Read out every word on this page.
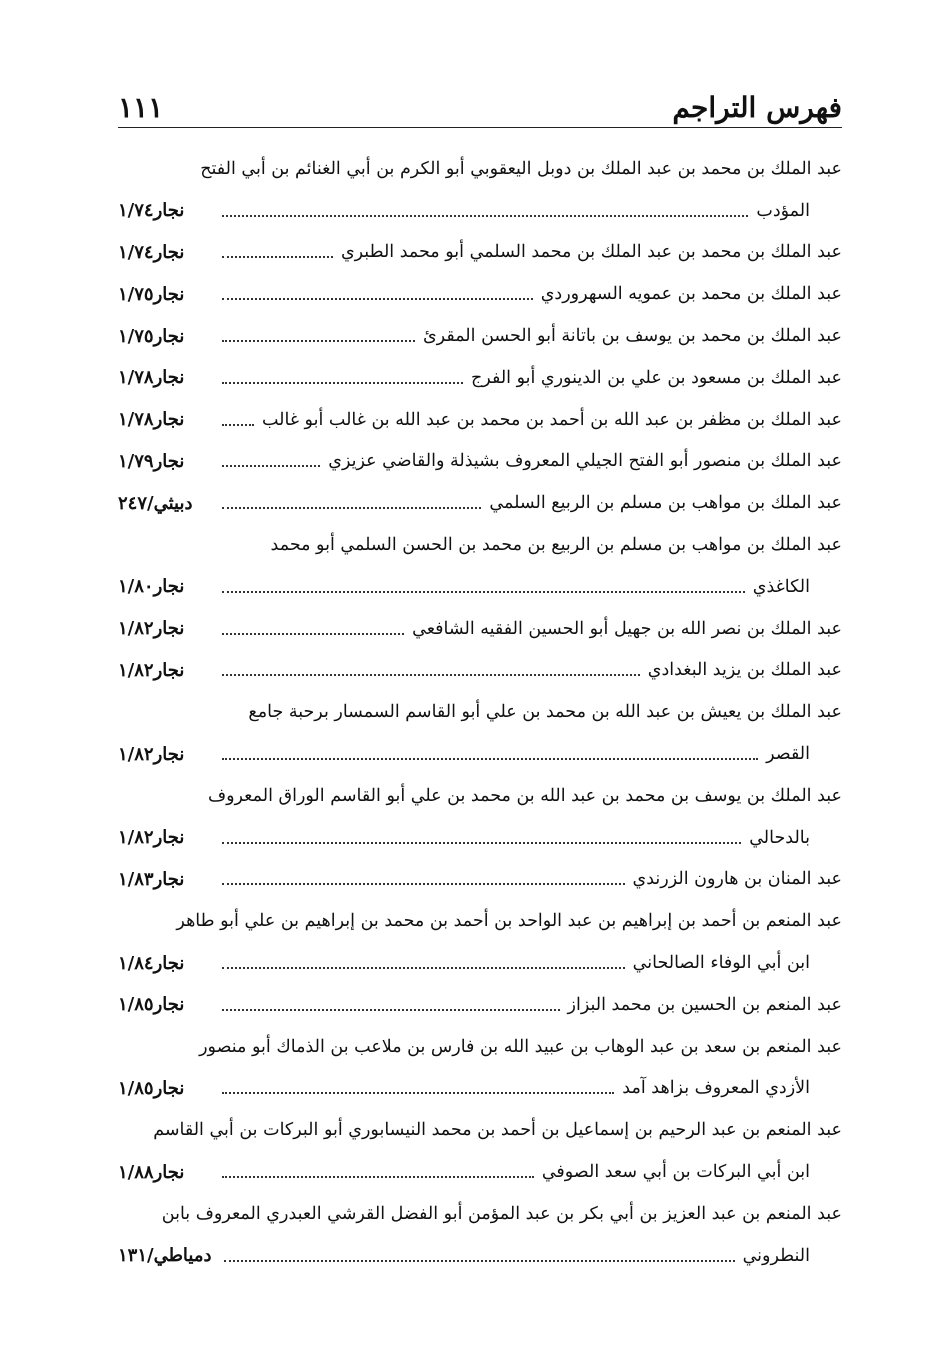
فهرس التراجم
١١١
عبد الملك بن محمد بن عبد الملك بن دوبل اليعقوبي أبو الكرم بن أبي الغنائم بن أبي الفتح
المؤدب
نجار١/٧٤
عبد الملك بن محمد بن عبد الملك بن محمد السلمي أبو محمد الطبري
نجار١/٧٤
عبد الملك بن محمد بن عمويه السهروردي
نجار١/٧٥
عبد الملك بن محمد بن يوسف بن باتانة أبو الحسن المقرئ
نجار١/٧٥
عبد الملك بن مسعود بن علي بن الدينوري أبو الفرج
نجار١/٧٨
عبد الملك بن مظفر بن عبد الله بن أحمد بن محمد بن عبد الله بن غالب أبو غالب
نجار١/٧٨
عبد الملك بن منصور أبو الفتح الجيلي المعروف بشيذلة والقاضي عزيزي
نجار١/٧٩
عبد الملك بن مواهب بن مسلم بن الربيع السلمي
دبيثي/٢٤٧
عبد الملك بن مواهب بن مسلم بن الربيع بن محمد بن الحسن السلمي أبو محمد
الكاغذي
نجار١/٨٠
عبد الملك بن نصر الله بن جهيل أبو الحسين الفقيه الشافعي
نجار١/٨٢
عبد الملك بن يزيد البغدادي
نجار١/٨٢
عبد الملك بن يعيش بن عبد الله بن محمد بن علي أبو القاسم السمسار برحبة جامع
القصر
نجار١/٨٢
عبد الملك بن يوسف بن محمد بن عبد الله بن محمد بن علي أبو القاسم الوراق المعروف
بالدحالي
نجار١/٨٢
عبد المنان بن هارون الزرندي
نجار١/٨٣
عبد المنعم بن أحمد بن إبراهيم بن عبد الواحد بن أحمد بن محمد بن إبراهيم بن علي أبو طاهر
ابن أبي الوفاء الصالحاني
نجار١/٨٤
عبد المنعم بن الحسين بن محمد البزاز
نجار١/٨٥
عبد المنعم بن سعد بن عبد الوهاب بن عبيد الله بن فارس بن ملاعب بن الذماك أبو منصور
الأزدي المعروف بزاهد آمد
نجار١/٨٥
عبد المنعم بن عبد الرحيم بن إسماعيل بن أحمد بن محمد النيسابوري أبو البركات بن أبي القاسم
ابن أبي البركات بن أبي سعد الصوفي
نجار١/٨٨
عبد المنعم بن عبد العزيز بن أبي بكر بن عبد المؤمن أبو الفضل القرشي العبدري المعروف بابن
النطروني
دمياطي/١٣١
